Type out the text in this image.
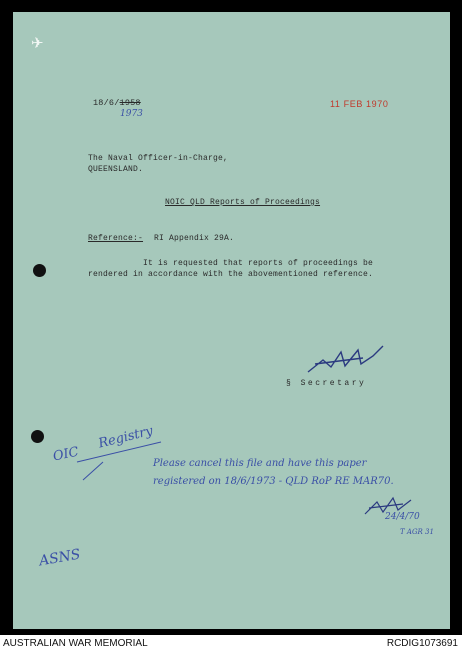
✈
18/6/1958
1973
11 FEB 1970
The Naval Officer-in-Charge,
QUEENSLAND.
NOIC QLD Reports of Proceedings
Reference:- RI Appendix 29A.
It is requested that reports of proceedings be
rendered in accordance with the abovementioned reference.
§ Secretary
OIC
Registry
Please cancel this file and have this paper
registered on 18/6/1973 - QLD RoP RE MAR70.
24/4/70
T AGR 31
ASNS
AUSTRALIAN WAR MEMORIAL	RCDIG1073691
